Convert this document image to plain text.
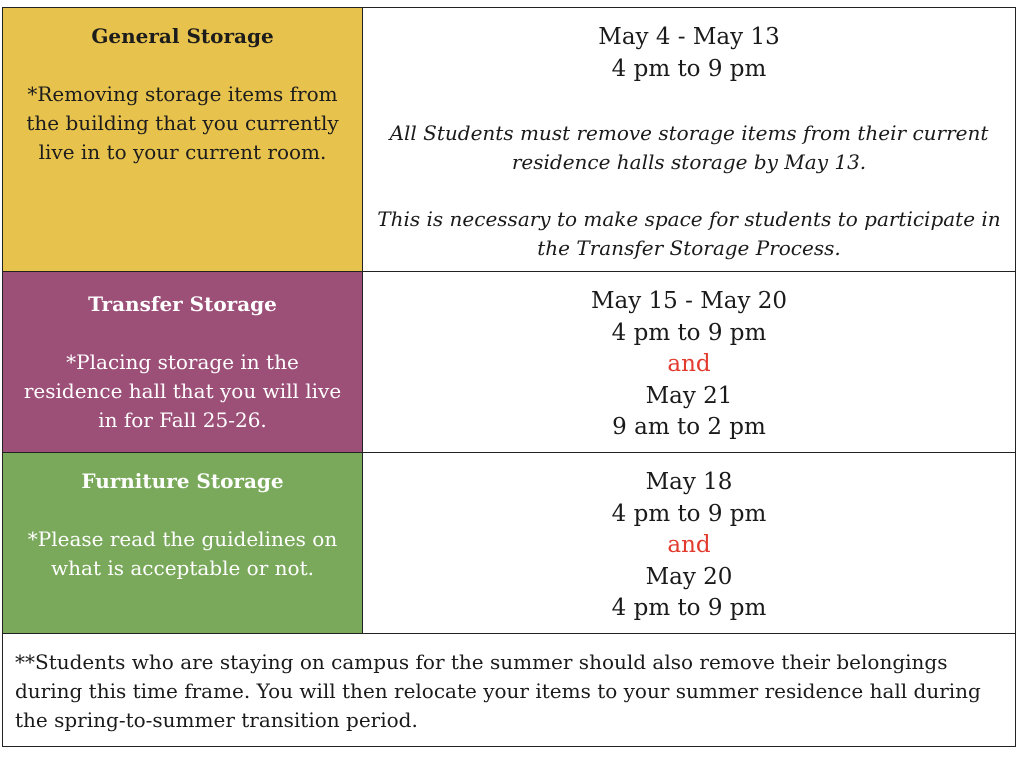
General Storage
*Removing storage items from the building that you currently live in to your current room.
May 4 - May 13
4 pm to 9 pm
All Students must remove storage items from their current residence halls storage by May 13.
This is necessary to make space for students to participate in the Transfer Storage Process.
Transfer Storage
*Placing storage in the residence hall that you will live in for Fall 25-26.
May 15 - May 20
4 pm to 9 pm
and
May 21
9 am to 2 pm
Furniture Storage
*Please read the guidelines on what is acceptable or not.
May 18
4 pm to 9 pm
and
May 20
4 pm to 9 pm
**Students who are staying on campus for the summer should also remove their belongings during this time frame. You will then relocate your items to your summer residence hall during the spring-to-summer transition period.
